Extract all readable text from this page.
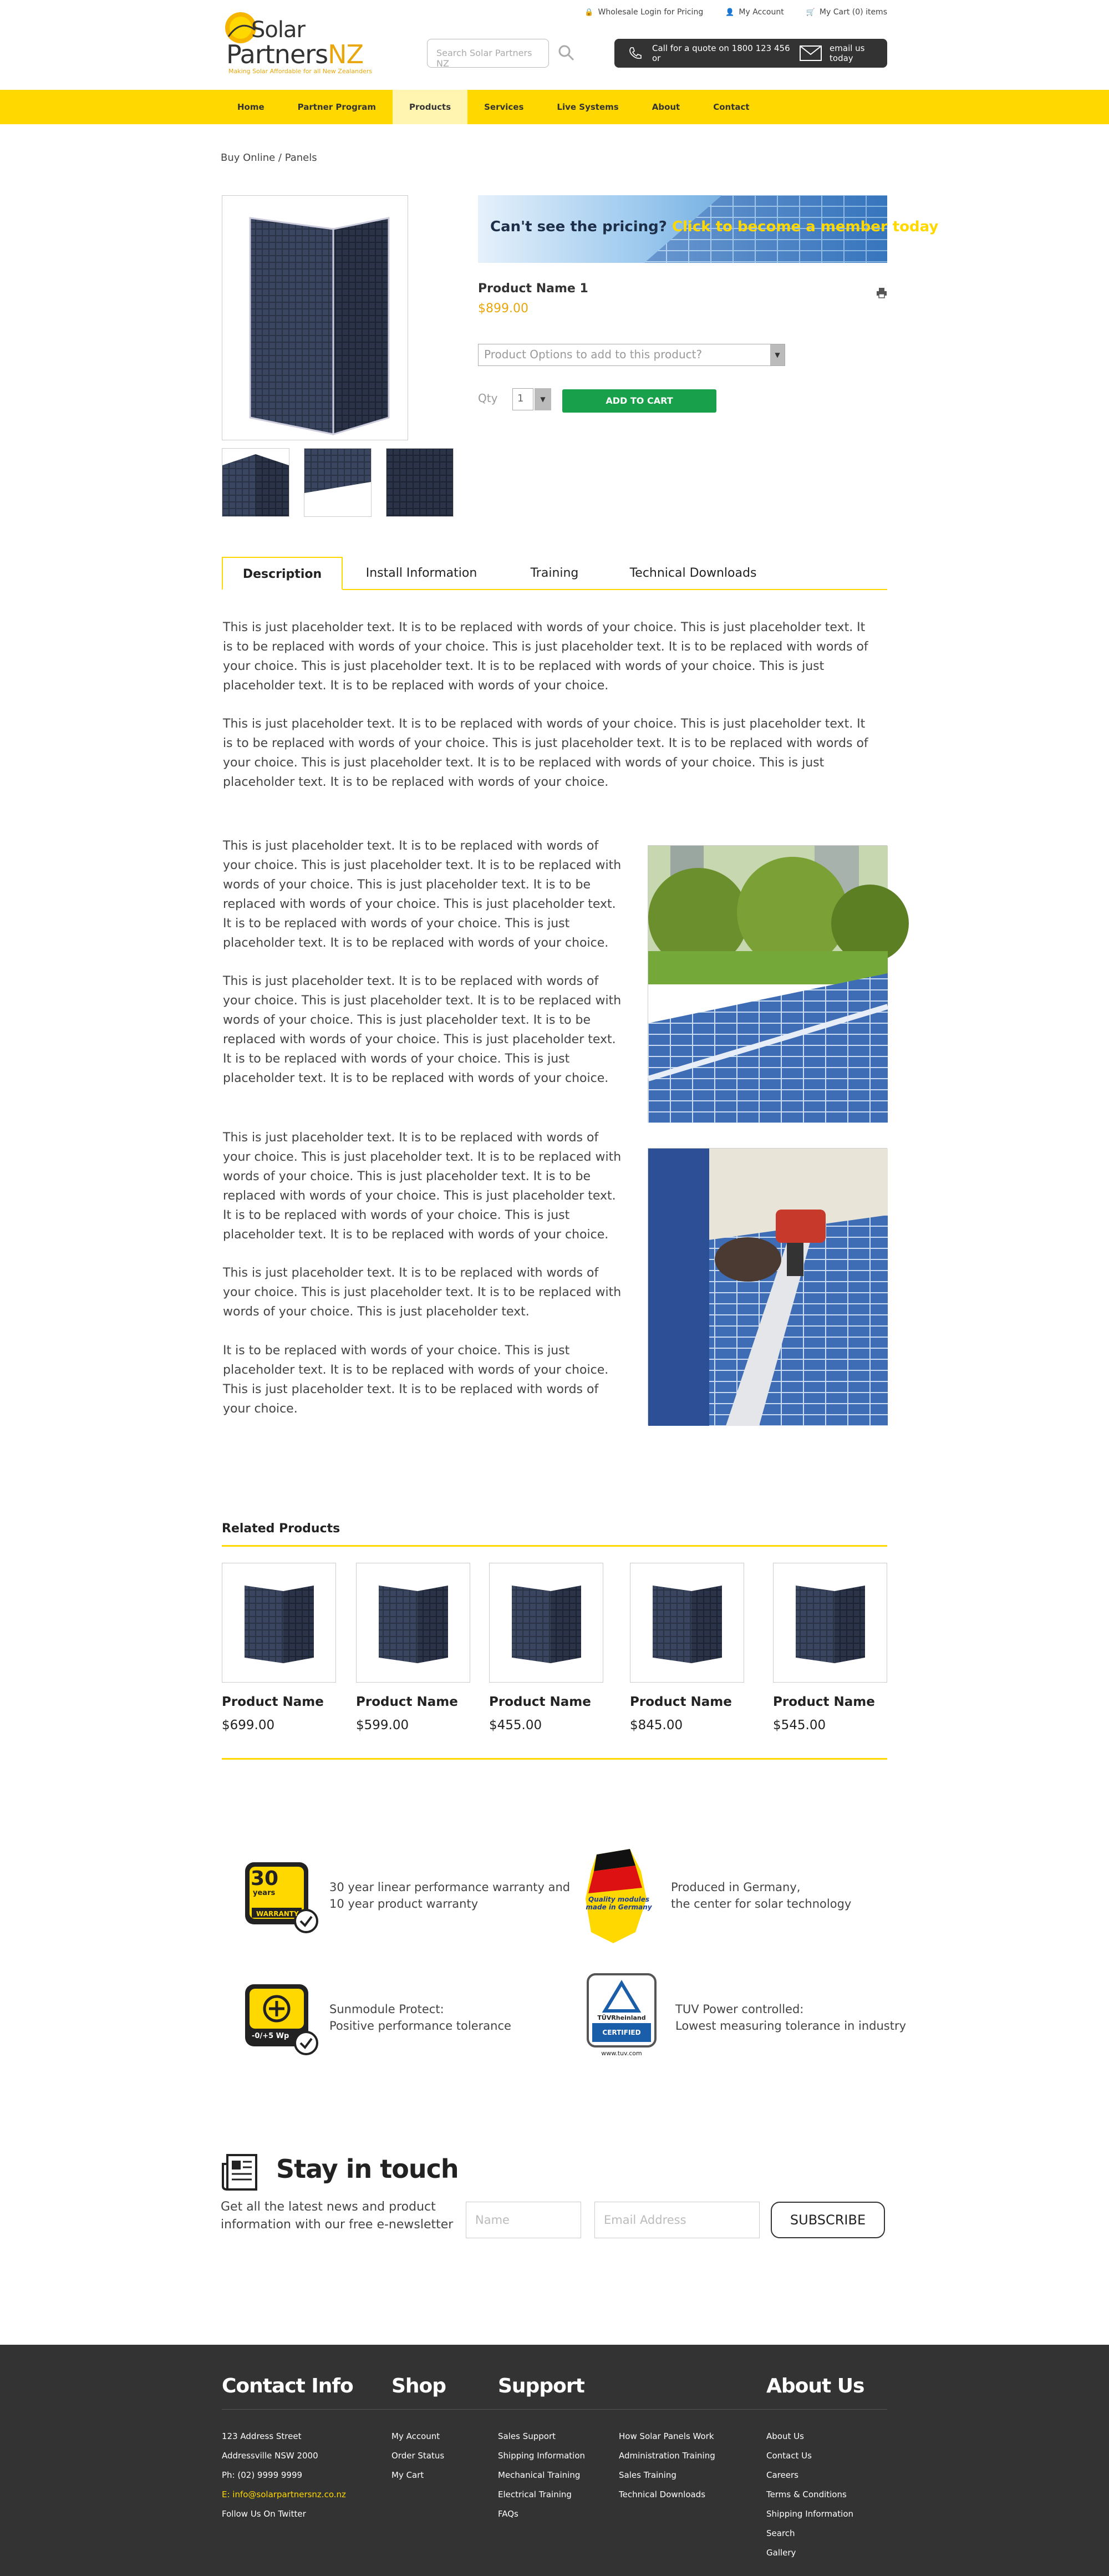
🔒 Wholesale Login for Pricing	👤 My Account	🛒 My Cart (0) items
Solar
PartnersNZ
Making Solar Affordable for all New Zealanders
Search Solar Partners NZ
Call for a quote on 1800 123 456 or
email us today
Home	Partner Program	Products	Services	Live Systems	About	Contact
Buy Online / Panels
Can't see the pricing? Click to become a member today
Product Name 1
$899.00
Product Options to add to this product?	▼
Qty	1	▼	ADD TO CART
Description	Install Information	Training	Technical Downloads
This is just placeholder text. It is to be replaced with words of your choice. This is just placeholder text. It is to be replaced with words of your choice. This is just placeholder text. It is to be replaced with words of your choice. This is just placeholder text. It is to be replaced with words of your choice. This is just placeholder text. It is to be replaced with words of your choice.
This is just placeholder text. It is to be replaced with words of your choice. This is just placeholder text. It is to be replaced with words of your choice. This is just placeholder text. It is to be replaced with words of your choice. This is just placeholder text. It is to be replaced with words of your choice. This is just placeholder text. It is to be replaced with words of your choice.
This is just placeholder text. It is to be replaced with words of your choice. This is just placeholder text. It is to be replaced with words of your choice. This is just placeholder text. It is to be replaced with words of your choice. This is just placeholder text. It is to be replaced with words of your choice. This is just placeholder text. It is to be replaced with words of your choice.
This is just placeholder text. It is to be replaced with words of your choice. This is just placeholder text. It is to be replaced with words of your choice. This is just placeholder text. It is to be replaced with words of your choice. This is just placeholder text. It is to be replaced with words of your choice. This is just placeholder text. It is to be replaced with words of your choice.
This is just placeholder text. It is to be replaced with words of your choice. This is just placeholder text. It is to be replaced with words of your choice. This is just placeholder text. It is to be replaced with words of your choice. This is just placeholder text. It is to be replaced with words of your choice. This is just placeholder text. It is to be replaced with words of your choice.
This is just placeholder text. It is to be replaced with words of your choice. This is just placeholder text. It is to be replaced with words of your choice. This is just placeholder text.
It is to be replaced with words of your choice. This is just placeholder text. It is to be replaced with words of your choice. This is just placeholder text. It is to be replaced with words of your choice.
Related Products
Product Name
$699.00
Product Name
$599.00
Product Name
$455.00
Product Name
$845.00
Product Name
$545.00
30
years
WARRANTY
30 year linear performance warranty and
10 year product warranty	Quality modules
made in Germany
Produced in Germany,
the center for solar technology
-0/+5 Wp
Sunmodule Protect:
Positive performance tolerance
TÜVRheinland
CERTIFIED
www.tuv.com
TUV Power controlled:
Lowest measuring tolerance in industry
Stay in touch
Get all the latest news and product information with our free e-newsletter	Name	Email Address	SUBSCRIBE
Contact Info Shop	Support	About Us
123 Address Street
Addressville NSW 2000
Ph: (02) 9999 9999
E: info@solarpartnersnz.co.nz
Follow Us On Twitter
My Account
Order Status
My Cart
Sales Support
Shipping Information
Mechanical Training
Electrical Training
FAQs
How Solar Panels Work
Administration Training
Sales Training
Technical Downloads
About Us
Contact Us
Careers
Terms & Conditions
Shipping Information
Search
Gallery
